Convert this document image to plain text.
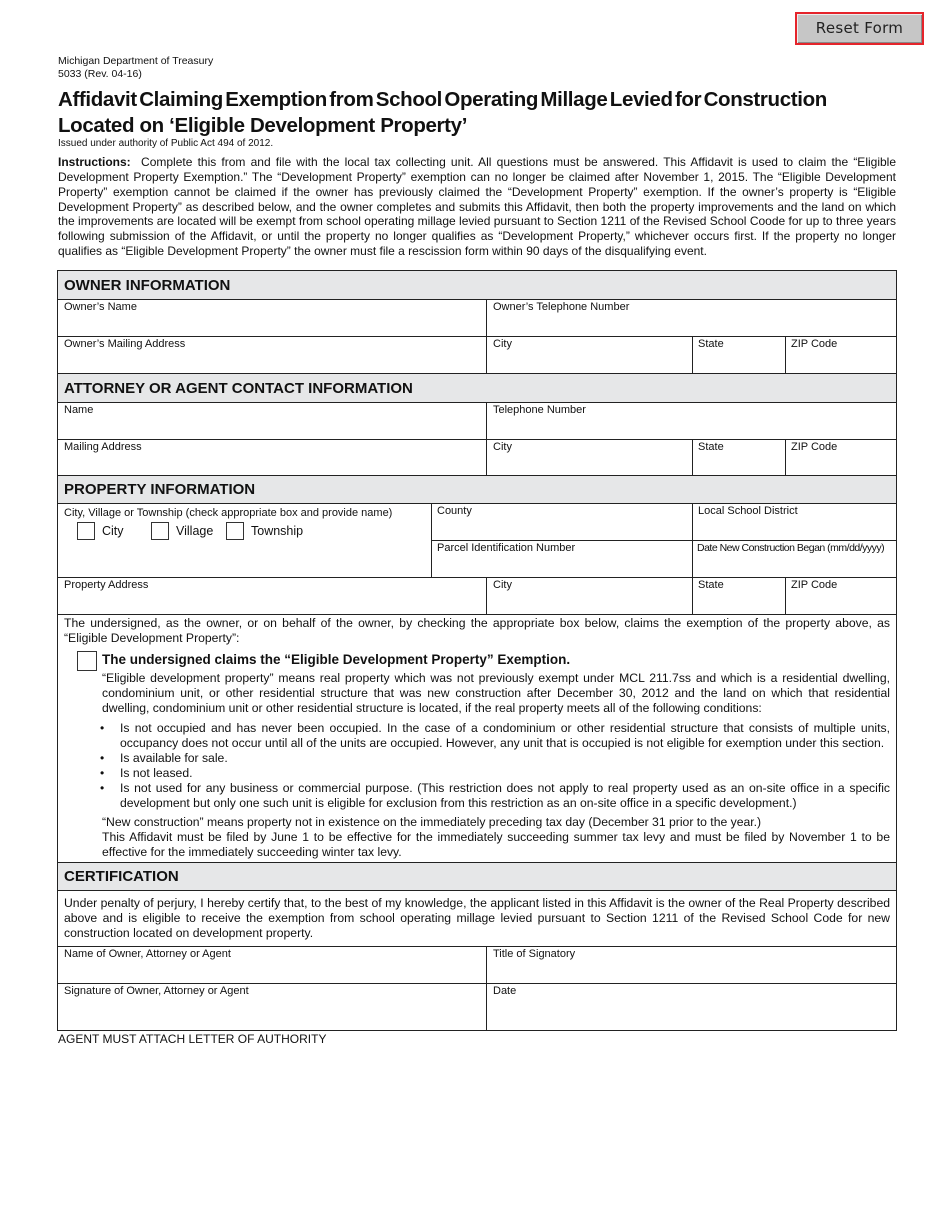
Reset Form
Michigan Department of Treasury
5033 (Rev. 04-16)
Affidavit Claiming Exemption from School Operating Millage Levied for Construction
Located on ‘Eligible Development Property’
Issued under authority of Public Act 494 of 2012.
Instructions: Complete this from and file with the local tax collecting unit. All questions must be answered. This Affidavit is used to claim the “Eligible Development Property Exemption.” The “Development Property” exemption can no longer be claimed after November 1, 2015. The “Eligible Development Property” exemption cannot be claimed if the owner has previously claimed the “Development Property” exemption. If the owner’s property is “Eligible Development Property” as described below, and the owner completes and submits this Affidavit, then both the property improvements and the land on which the improvements are located will be exempt from school operating millage levied pursuant to Section 1211 of the Revised School Coode for up to three years following submission of the Affidavit, or until the property no longer qualifies as “Development Property,” whichever occurs first. If the property no longer qualifies as “Eligible Development Property” the owner must file a rescission form within 90 days of the disqualifying event.
OWNER INFORMATION
Owner’s Name	Owner’s Telephone Number
Owner’s Mailing Address	City	State	ZIP Code
ATTORNEY OR AGENT CONTACT INFORMATION
Name	Telephone Number
Mailing Address	City	State	ZIP Code
PROPERTY INFORMATION
City, Village or Township (check appropriate box and provide name)
City	Village	Township
County	Local School District
Parcel Identification Number	Date New Construction Began (mm/dd/yyyy)
Property Address	City	State	ZIP Code
The undersigned, as the owner, or on behalf of the owner, by checking the appropriate box below, claims the exemption of the property above, as “Eligible Development Property”:
The undersigned claims the “Eligible Development Property” Exemption.
“Eligible development property” means real property which was not previously exempt under MCL 211.7ss and which is a residential dwelling, condominium unit, or other residential structure that was new construction after December 30, 2012 and the land on which that residential dwelling, condominium unit or other residential structure is located, if the real property meets all of the following conditions:
• Is not occupied and has never been occupied. In the case of a condominium or other residential structure that consists of multiple units, occupancy does not occur until all of the units are occupied. However, any unit that is occupied is not eligible for exemption under this section.
• Is available for sale.
• Is not leased.
• Is not used for any business or commercial purpose. (This restriction does not apply to real property used as an on-site office in a specific development but only one such unit is eligible for exclusion from this restriction as an on-site office in a specific development.)
“New construction” means property not in existence on the immediately preceding tax day (December 31 prior to the year.)
This Affidavit must be filed by June 1 to be effective for the immediately succeeding summer tax levy and must be filed by November 1 to be effective for the immediately succeeding winter tax levy.
CERTIFICATION
Under penalty of perjury, I hereby certify that, to the best of my knowledge, the applicant listed in this Affidavit is the owner of the Real Property described above and is eligible to receive the exemption from school operating millage levied pursuant to Section 1211 of the Revised School Code for new construction located on development property.
Name of Owner, Attorney or Agent	Title of Signatory
Signature of Owner, Attorney or Agent	Date
AGENT MUST ATTACH LETTER OF AUTHORITY
